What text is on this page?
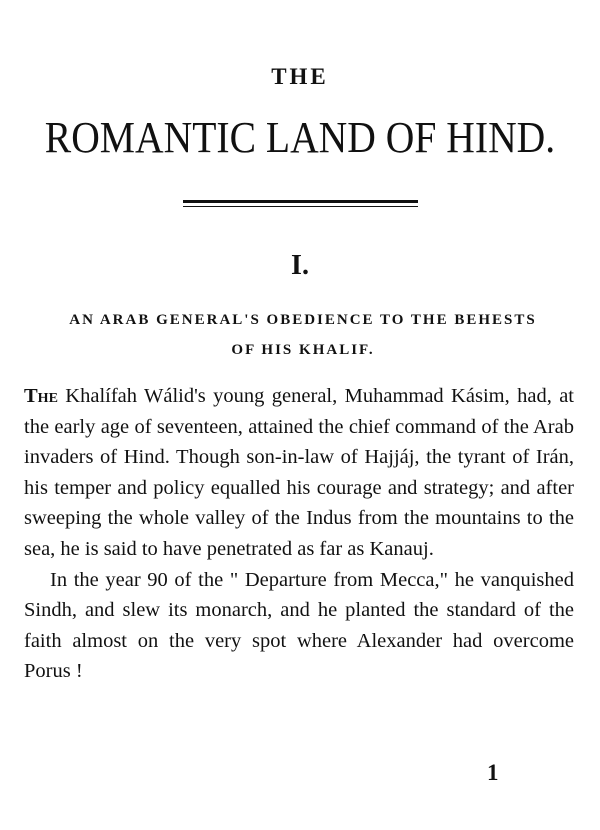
THE
ROMANTIC LAND OF HIND.
I.
AN ARAB GENERAL'S OBEDIENCE TO THE BEHESTS
OF HIS KHALIF.

The Khalífah Wálid's young general, Muhammad Kásim, had, at the early age of seventeen, attained the chief command of the Arab invaders of Hind. Though son-in-law of Hajjáj, the tyrant of Irán, his temper and policy equalled his courage and strategy; and after sweeping the whole valley of the Indus from the mountains to the sea, he is said to have penetrated as far as Kanauj.

In the year 90 of the " Departure from Mecca," he vanquished Sindh, and slew its monarch, and he planted the standard of the faith almost on the very spot where Alexander had overcome Porus !

1
